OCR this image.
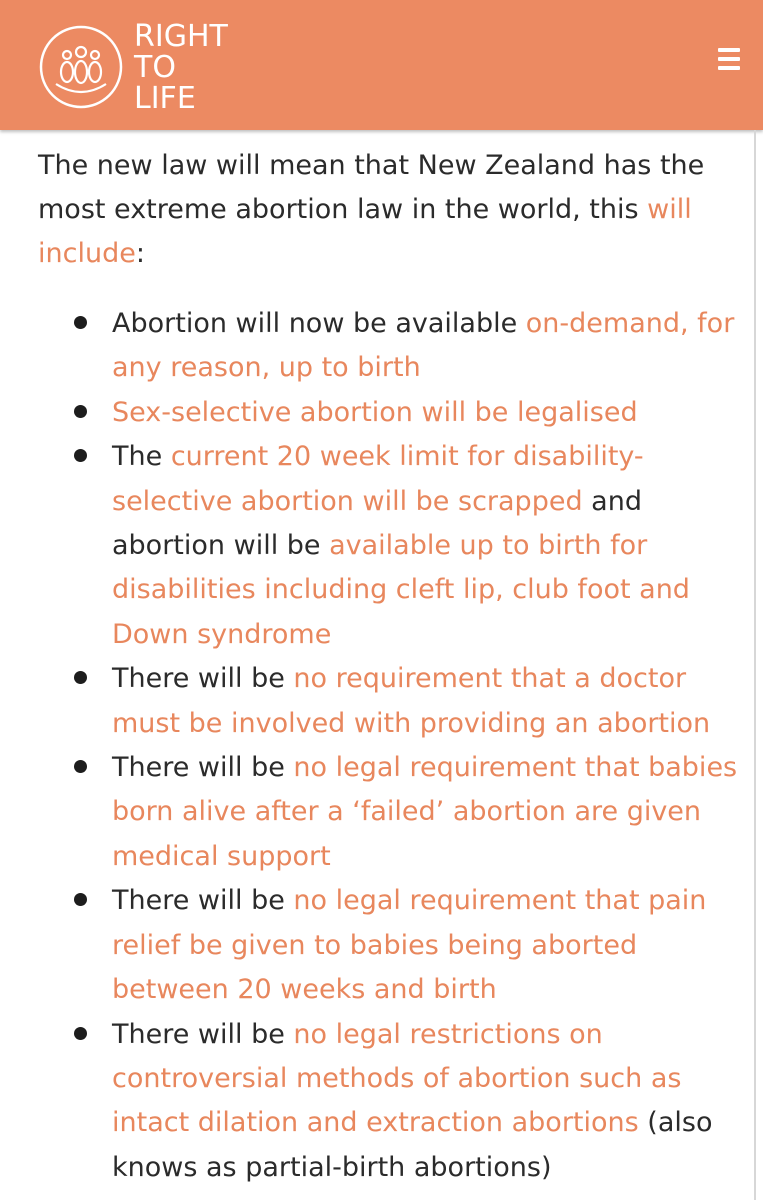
RIGHT
TO
LIFE

The new law will mean that New Zealand has the most extreme abortion law in the world, this will include:

Abortion will now be available on-demand, for any reason, up to birth
Sex-selective abortion will be legalised
The current 20 week limit for disability-selective abortion will be scrapped and abortion will be available up to birth for disabilities including cleft lip, club foot and Down syndrome
There will be no requirement that a doctor must be involved with providing an abortion
There will be no legal requirement that babies born alive after a ‘failed’ abortion are given medical support
There will be no legal requirement that pain relief be given to babies being aborted between 20 weeks and birth
There will be no legal restrictions on controversial methods of abortion such as intact dilation and extraction abortions (also knows as partial-birth abortions)
